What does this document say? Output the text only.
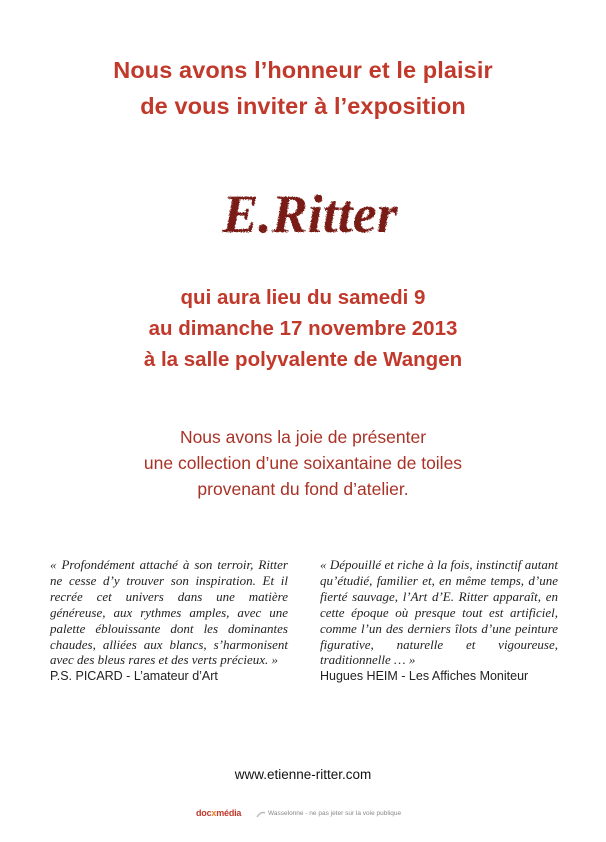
Nous avons l’honneur et le plaisir
de vous inviter à l’exposition
E.Ritter
qui aura lieu du samedi 9
au dimanche 17 novembre 2013
à la salle polyvalente de Wangen
Nous avons la joie de présenter
une collection d’une soixantaine de toiles
provenant du fond d’atelier.
« Profondément attaché à son terroir, Ritter ne cesse d’y trouver son inspiration. Et il recrée cet univers dans une matière généreuse, aux rythmes amples, avec une palette éblouissante dont les dominantes chaudes, alliées aux blancs, s’harmonisent avec des bleus rares et des verts précieux. »
P.S. PICARD - L’amateur d’Art
« Dépouillé et riche à la fois, instinctif autant qu’étudié, familier et, en même temps, d’une fierté sauvage, l’Art d’E. Ritter apparaît, en cette époque où presque tout est artificiel, comme l’un des derniers îlots d’une peinture figurative, naturelle et vigoureuse, traditionnelle … »
Hugues HEIM - Les Affiches Moniteur
www.etienne-ritter.com
docxmédia	Wasselonne - ne pas jeter sur la voie publique
